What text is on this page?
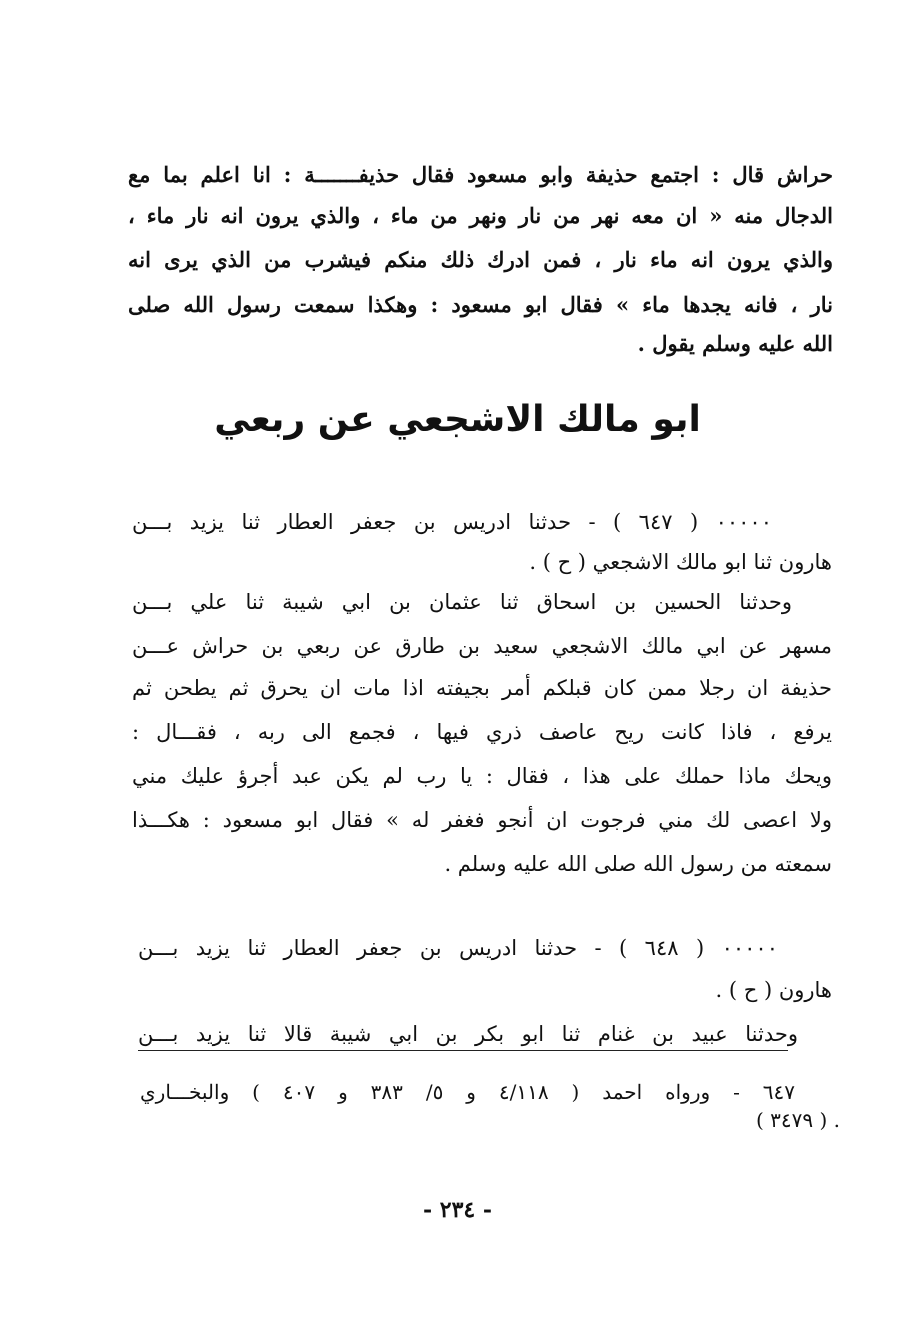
حراش قال : اجتمع حذيفة وابو مسعود فقال حذيفـــــــة : انا اعلم بما مع
الدجال منه « ان معه نهر من نار ونهر من ماء ، والذي يرون انه نار ماء ،
والذي يرون انه ماء نار ، فمن ادرك ذلك منكم فيشرب من الذي يرى انه
نار ، فانه يجدها ماء » فقال ابو مسعود : وهكذا سمعت رسول الله صلى
الله عليه وسلم يقول .
ابو مالك الاشجعي عن ربعي
٠٠٠٠٠ ( ٦٤٧ ) - حدثنا ادريس بن جعفر العطار ثنا يزيد بـــن
هارون ثنا ابو مالك الاشجعي ( ح ) .
وحدثنا الحسين بن اسحاق ثنا عثمان بن ابي شيبة ثنا علي بـــن
مسهر عن ابي مالك الاشجعي سعيد بن طارق عن ربعي بن حراش عـــن
حذيفة ان رجلا ممن كان قبلكم أمر بجيفته اذا مات ان يحرق ثم يطحن ثم
يرفع ، فاذا كانت ريح عاصف ذري فيها ، فجمع الى ربه ، فقـــال :
ويحك ماذا حملك على هذا ، فقال : يا رب لم يكن عبد أجرؤ عليك مني
ولا اعصى لك مني فرجوت ان أنجو فغفر له » فقال ابو مسعود : هكـــذا
سمعته من رسول الله صلى الله عليه وسلم .
٠٠٠٠٠ ( ٦٤٨ ) - حدثنا ادريس بن جعفر العطار ثنا يزيد بـــن
هارون ( ح ) .
وحدثنا عبيد بن غنام ثنا ابو بكر بن ابي شيبة قالا ثنا يزيد بـــن
٦٤٧ - ورواه احمد ( ٤/١١٨ و ٥/ ٣٨٣ و ٤٠٧ ) والبخـــاري
( ٣٤٧٩ ) .
- ٢٣٤ -
